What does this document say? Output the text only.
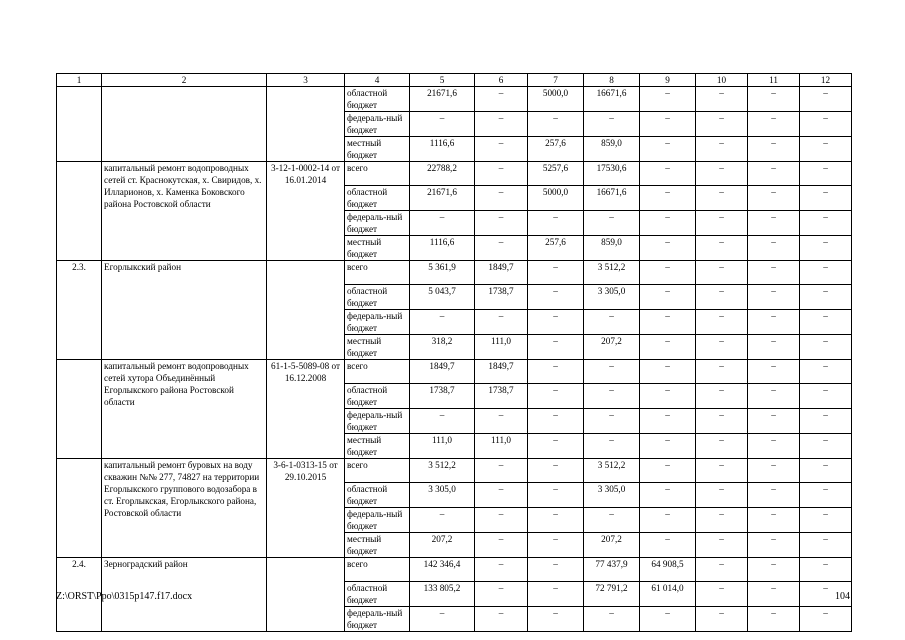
1	2	3	4	5	6	7	8	9	10	11	12
			областной бюджет	21671,6	–	5000,0	16671,6	–	–	–	–
			федераль-ный бюджет	–	–	–	–	–	–	–	–
			местный бюджет	1116,6	–	257,6	859,0	–	–	–	–
	капитальный ремонт водопроводных сетей ст. Краснокутская, х. Свиридов, х. Илларионов, х. Каменка Боковского района Ростовской области	3-12-1-0002-14 от 16.01.2014	всего	22788,2	–	5257,6	17530,6	–	–	–	–
			областной бюджет	21671,6	–	5000,0	16671,6	–	–	–	–
			федераль-ный бюджет	–	–	–	–	–	–	–	–
			местный бюджет	1116,6	–	257,6	859,0	–	–	–	–
2.3.	Егорлыкский район		всего	5 361,9	1849,7	–	3 512,2	–	–	–	–
			областной бюджет	5 043,7	1738,7	–	3 305,0	–	–	–	–
			федераль-ный бюджет	–	–	–	–	–	–	–	–
			местный бюджет	318,2	111,0	–	207,2	–	–	–	–
	капитальный ремонт водопроводных сетей хутора Объединённый Егорлыкского района Ростовской области	61-1-5-5089-08 от 16.12.2008	всего	1849,7	1849,7	–	–	–	–	–	–
			областной бюджет	1738,7	1738,7	–	–	–	–	–	–
			федераль-ный бюджет	–	–	–	–	–	–	–	–
			местный бюджет	111,0	111,0	–	–	–	–	–	–
	капитальный ремонт буровых на воду скважин №№ 277, 74827 на территории Егорлыкского группового водозабора в ст. Егорлыкская, Егорлыкского района, Ростовской области	3-6-1-0313-15 от 29.10.2015	всего	3 512,2	–	–	3 512,2	–	–	–	–
			областной бюджет	3 305,0	–	–	3 305,0	–	–	–	–
			федераль-ный бюджет	–	–	–	–	–	–	–	–
			местный бюджет	207,2	–	–	207,2	–	–	–	–
2.4.	Зерноградский район		всего	142 346,4	–	–	77 437,9	64 908,5	–	–	–
			областной бюджет	133 805,2	–	–	72 791,2	61 014,0	–	–	–
			федераль-ный бюджет	–	–	–	–	–	–	–	–
Z:\ORST\Ppo\0315p147.f17.docx	104
